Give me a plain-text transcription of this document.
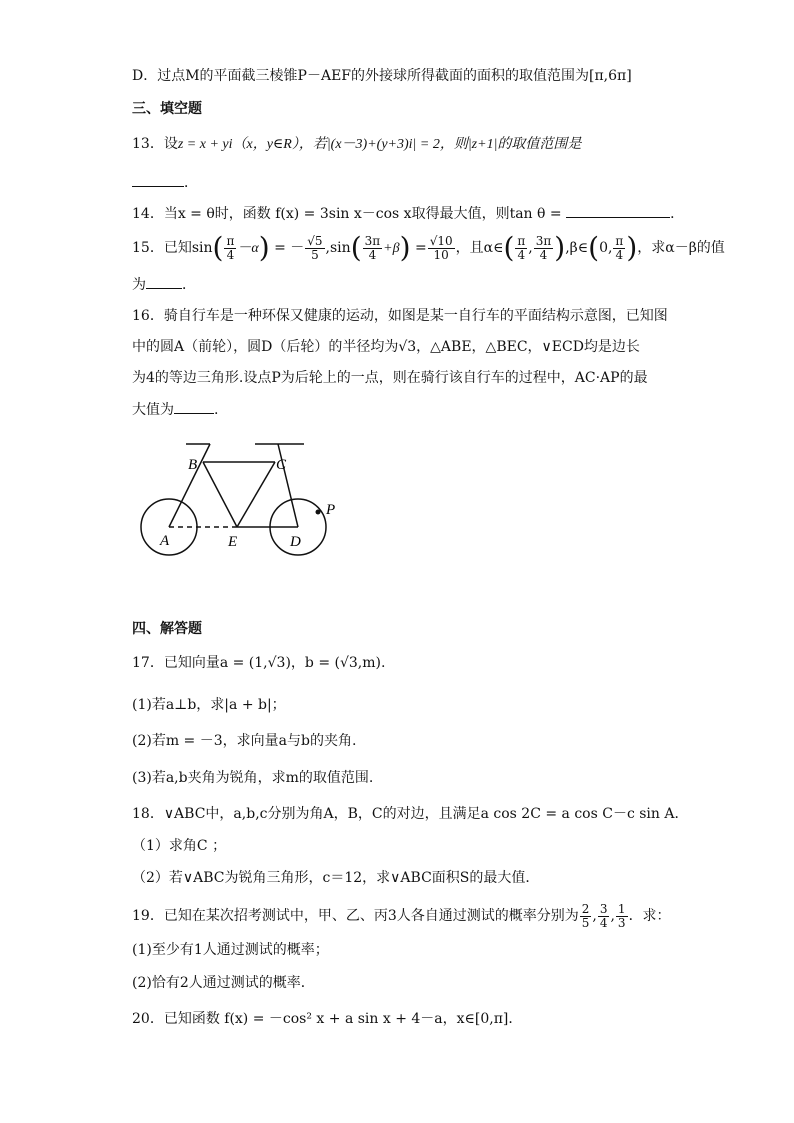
D．过点M的平面截三棱锥P－AEF的外接球所得截面的面积的取值范围为[π,6π]
三、填空题
13．设z = x + yi（x，y∈R），若|(x－3)+(y+3)i| = 2，则|z+1|的取值范围是
．
14．当x = θ时，函数 f(x) = 3sin x－cos x取得最大值，则tan θ =	．
15．已知$\sin( \frac{\pi}{4} -\alpha)$ = － $\frac{√5}{5} ,\sin( \frac{3\pi}{4} +\beta) = \frac{√10}{10}$ ，且α∈( $\frac{\pi}{4}$ , $\frac{3\pi}{4}$ ),β∈(0, $\frac{\pi}{4}$ )，求α－β的值
为	．
16．骑自行车是一种环保又健康的运动，如图是某一自行车的平面结构示意图，已知图
中的圆A（前轮），圆D（后轮）的半径均为√3，△ABE，△BEC，∨ECD均是边长
为4的等边三角形.设点P为后轮上的一点，则在骑行该自行车的过程中，AC·AP的最
大值为	.
B	C
A	E	D
P
四、解答题
17．已知向量a = (1,√3)，b = (√3,m).
(1)若a⊥b，求|a + b|；
(2)若m = －3，求向量a与b的夹角.
(3)若a,b夹角为锐角，求m的取值范围.
18．∨ABC中，a,b,c分别为角A，B，C的对边，且满足a cos 2C = a cos C－c sin A．
（1）求角C ；
（2）若∨ABC为锐角三角形，c＝12，求∨ABC面积S的最大值．
19．已知在某次招考测试中，甲、乙、丙3人各自通过测试的概率分别为 $\frac{2}{5}$ , $\frac{3}{4}$ , $\frac{1}{3}$ ．求：
(1)至少有1人通过测试的概率；
(2)恰有2人通过测试的概率．
20．已知函数 f(x) = －cos² x + a sin x + 4－a，x∈[0,π]．
